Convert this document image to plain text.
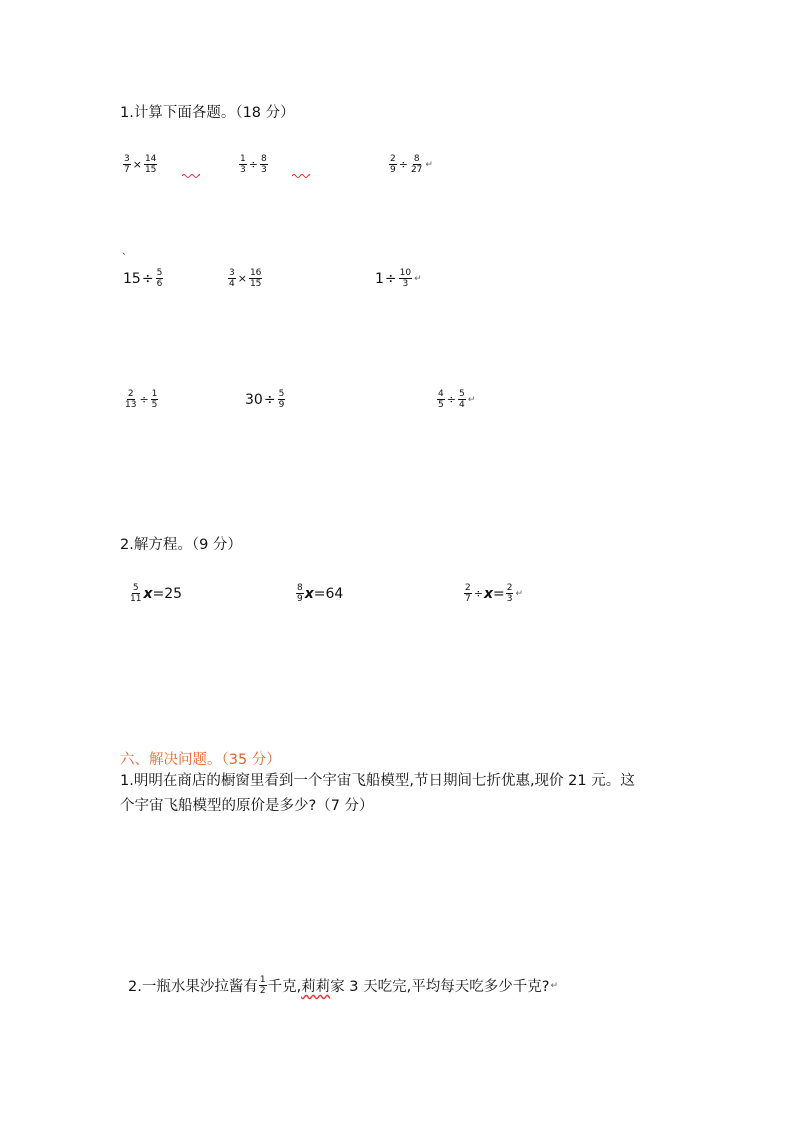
1.计算下面各题。（18 分）
$\frac{3}{7} \times \frac{14}{15}$	$\frac{1}{3} \div \frac{8}{3}$	$\frac{2}{9} \div \frac{8}{27}$ ↵
、
$15 \div \frac{5}{6}$	$\frac{3}{4} \times \frac{16}{15}$	$1 \div \frac{10}{3}$ ↵
$\frac{2}{13} \div \frac{1}{5}$	$30 \div \frac{5}{9}$	$\frac{4}{5} \div \frac{5}{4}$ ↵
2.解方程。（9 分）
$\frac{5}{11}$ x =25	$\frac{8}{9}$ x =64	$\frac{2}{7} \div x = \frac{2}{3}$ ↵
六、解决问题。（35 分）
1.明明在商店的橱窗里看到一个宇宙飞船模型,节日期间七折优惠,现价 21 元。这
个宇宙飞船模型的原价是多少?（7 分）
2.一瓶水果沙拉酱有 $\frac{1}{2}$ 千克, 莉莉 家 3 天吃完,平均每天吃多少千克? ↵
